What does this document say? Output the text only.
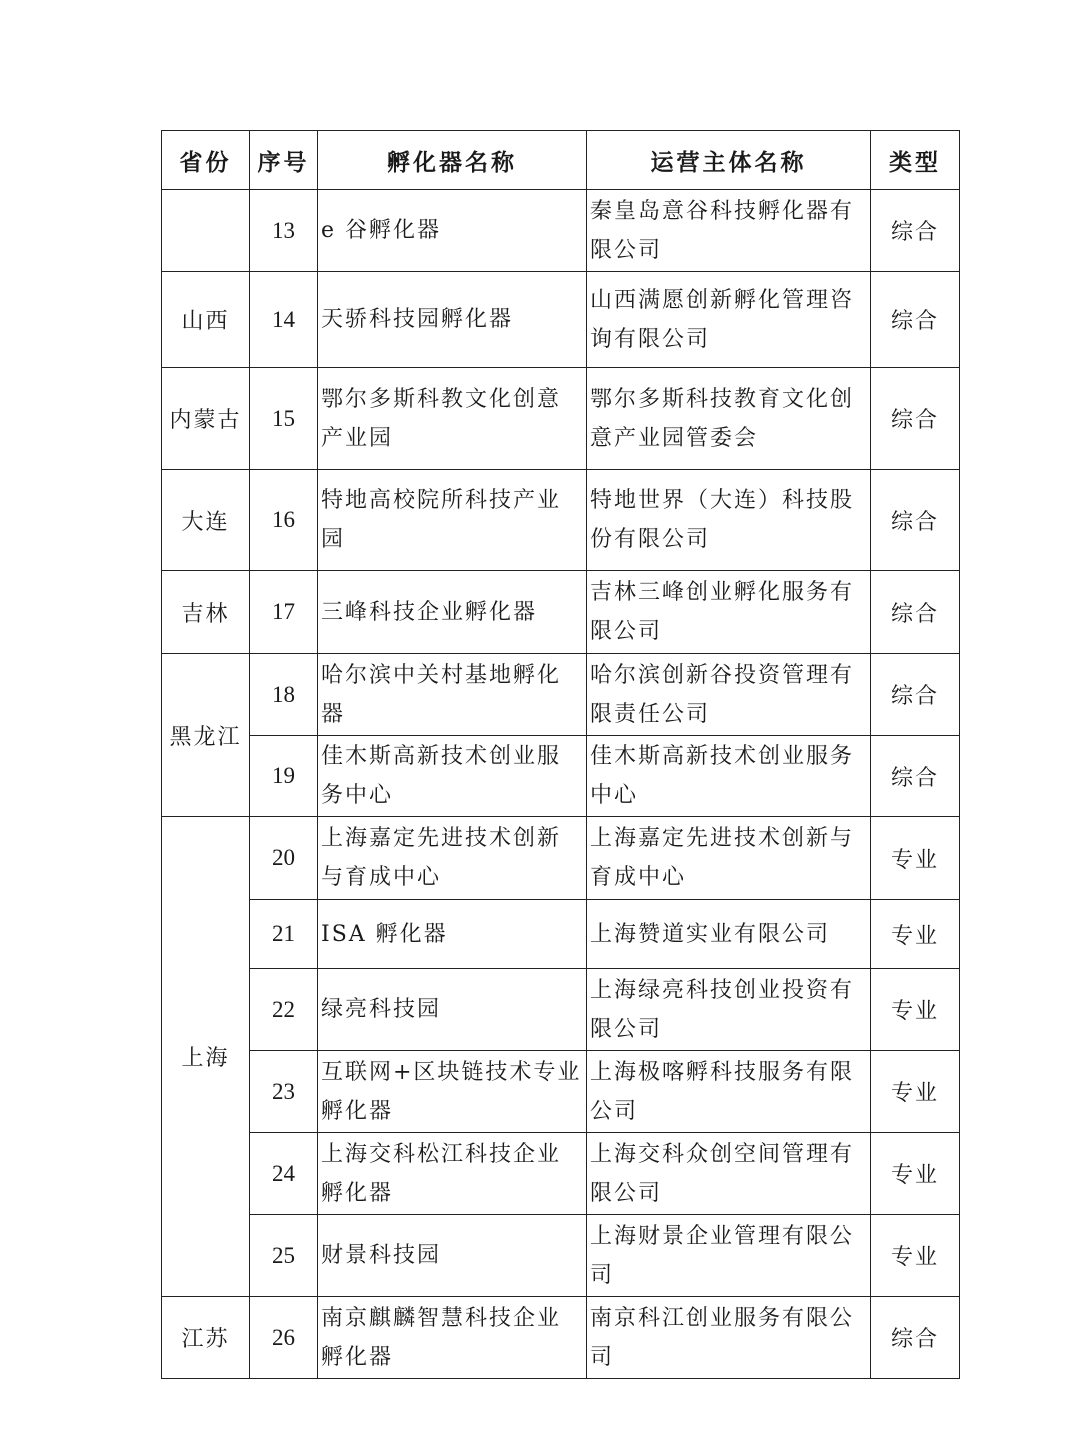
省份	序号	孵化器名称	运营主体名称	类型
	13	e 谷孵化器	秦皇岛意谷科技孵化器有限公司	综合
山西	14	天骄科技园孵化器	山西满愿创新孵化管理咨询有限公司	综合
内蒙古	15	鄂尔多斯科教文化创意产业园	鄂尔多斯科技教育文化创意产业园管委会	综合
大连	16	特地高校院所科技产业园	特地世界（大连）科技股份有限公司	综合
吉林	17	三峰科技企业孵化器	吉林三峰创业孵化服务有限公司	综合
黑龙江	18	哈尔滨中关村基地孵化器	哈尔滨创新谷投资管理有限责任公司	综合
	19	佳木斯高新技术创业服务中心	佳木斯高新技术创业服务中心	综合
上海	20	上海嘉定先进技术创新与育成中心	上海嘉定先进技术创新与育成中心	专业
	21	ISA 孵化器	上海赞道实业有限公司	专业
	22	绿亮科技园	上海绿亮科技创业投资有限公司	专业
	23	互联网+区块链技术专业孵化器	上海极喀孵科技服务有限公司	专业
	24	上海交科松江科技企业孵化器	上海交科众创空间管理有限公司	专业
	25	财景科技园	上海财景企业管理有限公司	专业
江苏	26	南京麒麟智慧科技企业孵化器	南京科江创业服务有限公司	综合
